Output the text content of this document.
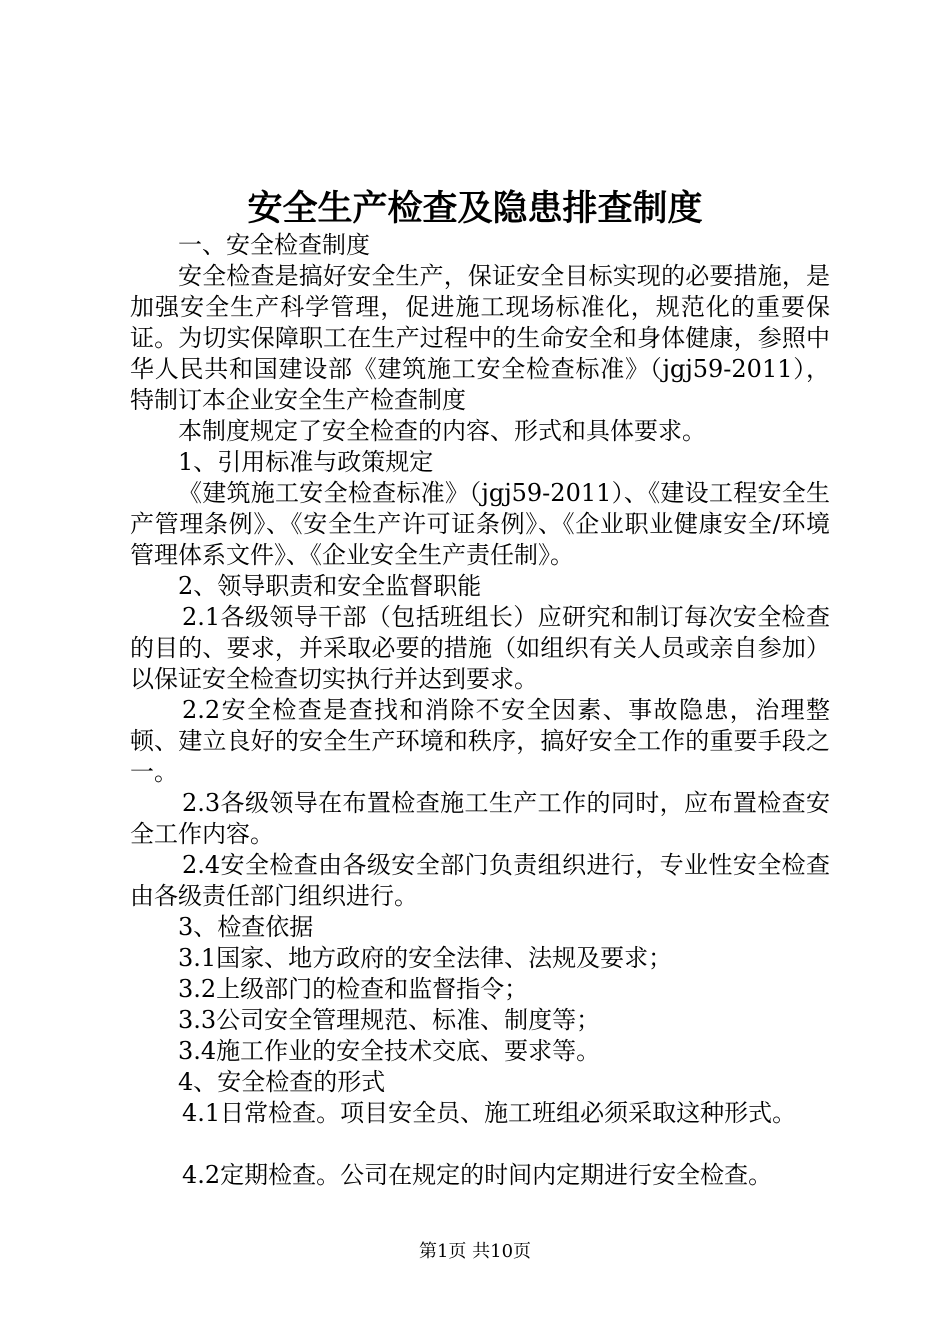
安全生产检查及隐患排查制度

一、安全检查制度

安全检查是搞好安全生产，保证安全目标实现的必要措施，是加强安全生产科学管理，促进施工现场标准化，规范化的重要保证。为切实保障职工在生产过程中的生命安全和身体健康，参照中华人民共和国建设部《建筑施工安全检查标准》（jgj59-2011），特制订本企业安全生产检查制度

本制度规定了安全检查的内容、形式和具体要求。

1、引用标准与政策规定

《建筑施工安全检查标准》（jgj59-2011）、《建设工程安全生产管理条例》、《安全生产许可证条例》、《企业职业健康安全/环境管理体系文件》、《企业安全生产责任制》。

2、领导职责和安全监督职能

2.1各级领导干部（包括班组长）应研究和制订每次安全检查的目的、要求，并采取必要的措施（如组织有关人员或亲自参加）以保证安全检查切实执行并达到要求。

2.2安全检查是查找和消除不安全因素、事故隐患，治理整顿、建立良好的安全生产环境和秩序，搞好安全工作的重要手段之一。

2.3各级领导在布置检查施工生产工作的同时，应布置检查安全工作内容。

2.4安全检查由各级安全部门负责组织进行，专业性安全检查由各级责任部门组织进行。

3、检查依据

3.1国家、地方政府的安全法律、法规及要求；

3.2上级部门的检查和监督指令；

3.3公司安全管理规范、标准、制度等；

3.4施工作业的安全技术交底、要求等。

4、安全检查的形式

4.1日常检查。项目安全员、施工班组必须采取这种形式。

4.2定期检查。公司在规定的时间内定期进行安全检查。

第1页 共10页
